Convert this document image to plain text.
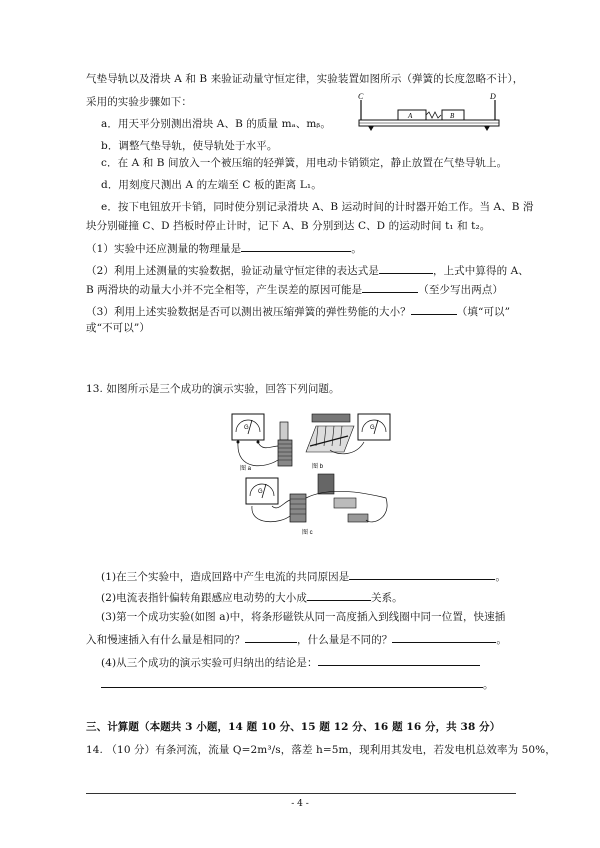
气垫导轨以及滑块 A 和 B 来验证动量守恒定律，实验装置如图所示（弹簧的长度忽略不计），
采用的实验步骤如下：	C	D
A	B
a．用天平分别测出滑块 A、B 的质量 mₐ、mᵦ。
b．调整气垫导轨，使导轨处于水平。
c．在 A 和 B 间放入一个被压缩的轻弹簧，用电动卡销锁定，静止放置在气垫导轨上。
d．用刻度尺测出 A 的左端至 C 板的距离 L₁。
e．按下电钮放开卡销，同时使分别记录滑块 A、B 运动时间的计时器开始工作。当 A、B 滑
块分别碰撞 C、D 挡板时停止计时，记下 A、B 分别到达 C、D 的运动时间 t₁ 和 t₂。
（1）实验中还应测量的物理量是	。
（2）利用上述测量的实验数据，验证动量守恒定律的表达式是	，上式中算得的 A、
B 两滑块的动量大小并不完全相等，产生误差的原因可能是	（至少写出两点）
（3）利用上述实验数据是否可以测出被压缩弹簧的弹性势能的大小？	（填“可以”
或“不可以”）
13. 如图所示是三个成功的演示实验，回答下列问题。
G
图 a	图 b
G
G
图 c
(1)在三个实验中，造成回路中产生电流的共同原因是	。
(2)电流表指针偏转角跟感应电动势的大小成	关系。
(3)第一个成功实验(如图 a)中，将条形磁铁从同一高度插入到线圈中同一位置，快速插
入和慢速插入有什么量是相同的？	，什么量是不同的？	。
(4)从三个成功的演示实验可归纳出的结论是：
。
三、计算题（本题共 3 小题，14 题 10 分、15 题 12 分、16 题 16 分，共 38 分）
14. （10 分）有条河流，流量 Q=2m³/s，落差 h=5m，现利用其发电，若发电机总效率为 50%，
- 4 -
